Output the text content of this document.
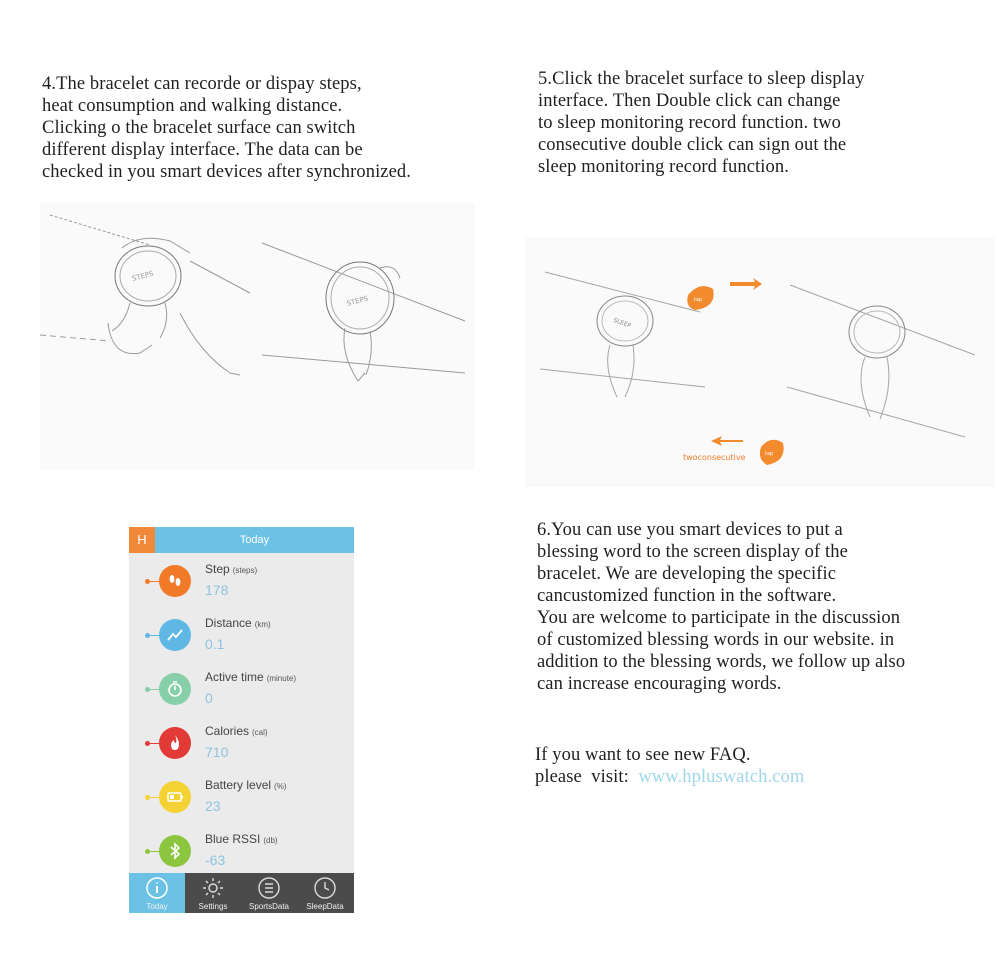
4.The bracelet can recorde or dispay steps,
heat consumption and walking distance.
Clicking o the bracelet surface can switch
different display interface. The data can be
checked in you smart devices after synchronized.
STEPS
STEPS
5.Click the bracelet surface to sleep display
interface. Then Double click can change
to sleep monitoring record function. two
consecutive double click can sign out the
sleep monitoring record function.
SLEEP
tap
tap
twoconsecutive
H	Today
Step (steps)
178
Distance (km)
0.1
Active time (minute)
0
Calories (cal)
710
Battery level (%)
23
Blue RSSI (db)
-63
Today	Settings	SportsData	SleepData
6.You can use you smart devices to put a
blessing word to the screen display of the
bracelet. We are developing the specific
cancustomized function in the software.
You are welcome to participate in the discussion
of customized blessing words in our website. in
addition to the blessing words, we follow up also
can increase encouraging words.
If you want to see new FAQ.
please  visit:  www.hpluswatch.com
